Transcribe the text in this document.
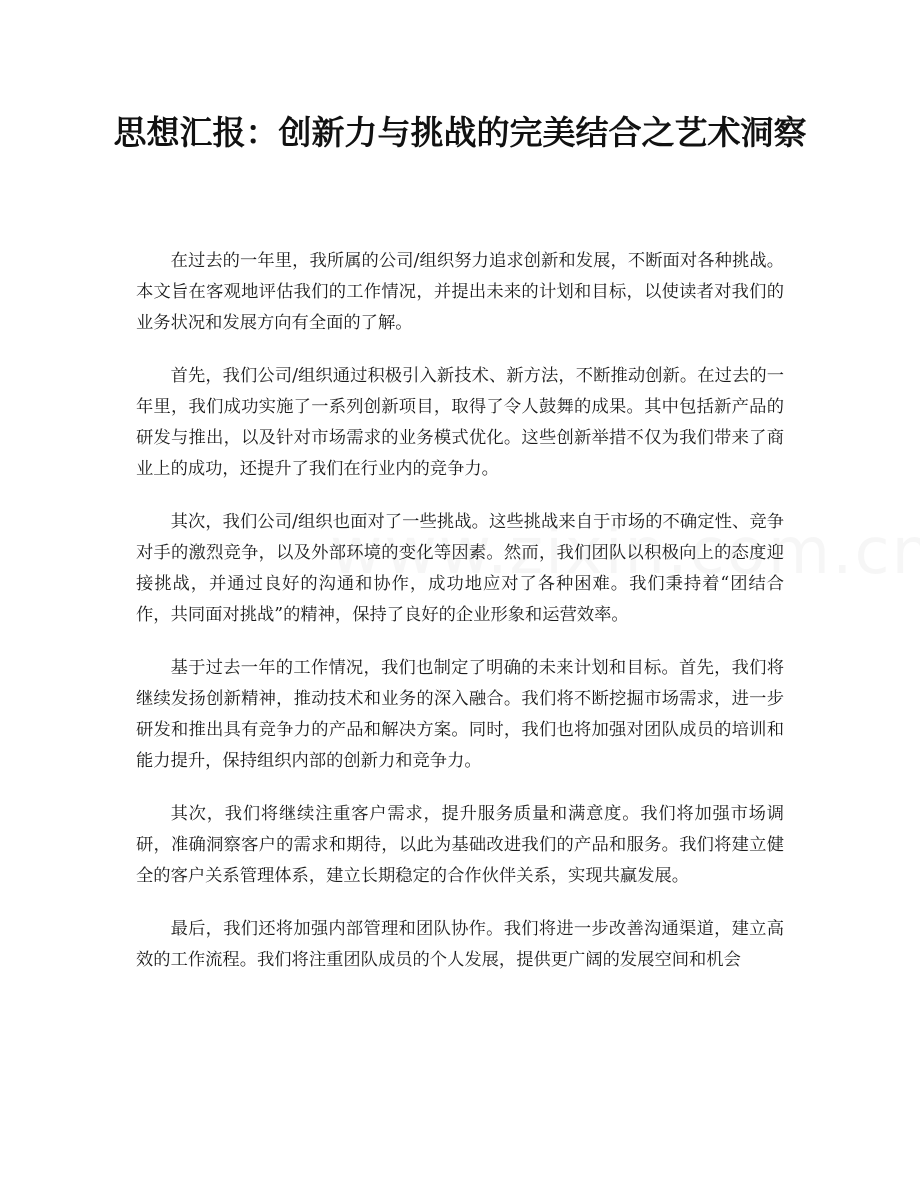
思想汇报：创新力与挑战的完美结合之艺术洞察

在过去的一年里，我所属的公司/组织努力追求创新和发展，不断面对各种挑战。本文旨在客观地评估我们的工作情况，并提出未来的计划和目标，以使读者对我们的业务状况和发展方向有全面的了解。

首先，我们公司/组织通过积极引入新技术、新方法，不断推动创新。在过去的一年里，我们成功实施了一系列创新项目，取得了令人鼓舞的成果。其中包括新产品的研发与推出，以及针对市场需求的业务模式优化。这些创新举措不仅为我们带来了商业上的成功，还提升了我们在行业内的竞争力。

其次，我们公司/组织也面对了一些挑战。这些挑战来自于市场的不确定性、竞争对手的激烈竞争，以及外部环境的变化等因素。然而，我们团队以积极向上的态度迎接挑战，并通过良好的沟通和协作，成功地应对了各种困难。我们秉持着“团结合作，共同面对挑战”的精神，保持了良好的企业形象和运营效率。

基于过去一年的工作情况，我们也制定了明确的未来计划和目标。首先，我们将继续发扬创新精神，推动技术和业务的深入融合。我们将不断挖掘市场需求，进一步研发和推出具有竞争力的产品和解决方案。同时，我们也将加强对团队成员的培训和能力提升，保持组织内部的创新力和竞争力。

其次，我们将继续注重客户需求，提升服务质量和满意度。我们将加强市场调研，准确洞察客户的需求和期待，以此为基础改进我们的产品和服务。我们将建立健全的客户关系管理体系，建立长期稳定的合作伙伴关系，实现共赢发展。

最后，我们还将加强内部管理和团队协作。我们将进一步改善沟通渠道，建立高效的工作流程。我们将注重团队成员的个人发展，提供更广阔的发展空间和机会
